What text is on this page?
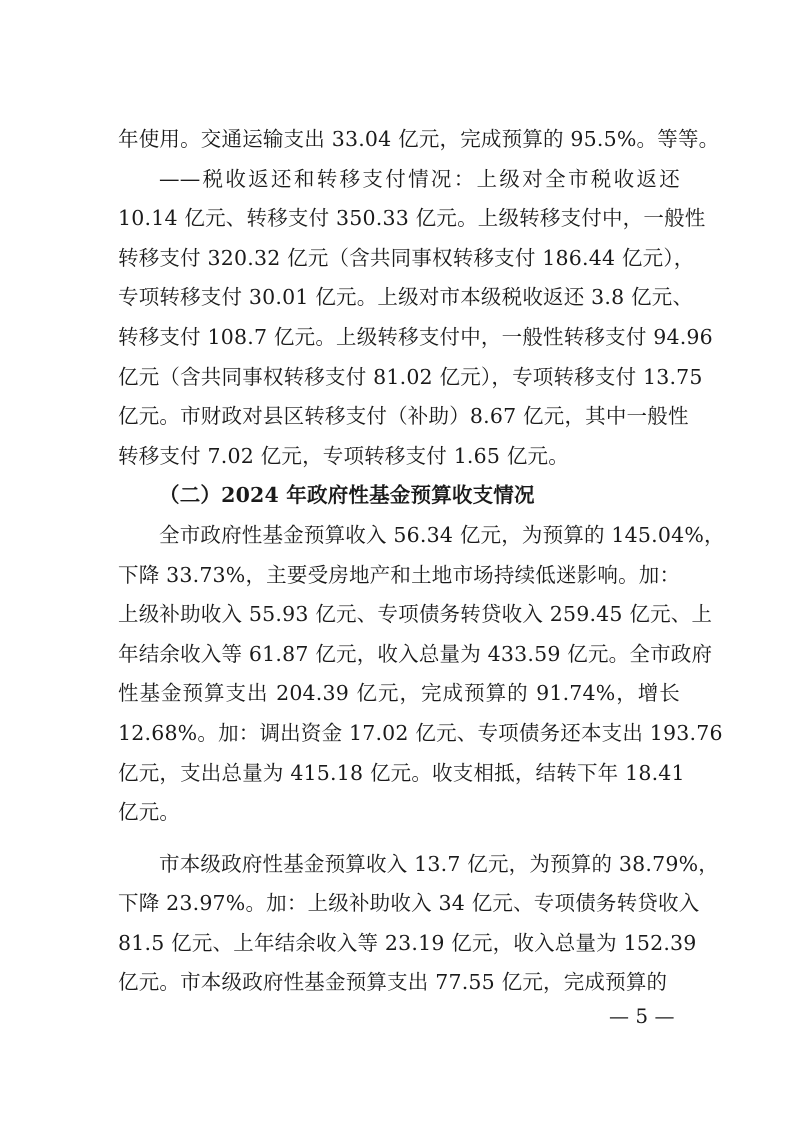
年使用。交通运输支出 33.04 亿元，完成预算的 95.5%。等等。
——税收返还和转移支付情况：上级对全市税收返还
10.14 亿元、转移支付 350.33 亿元。上级转移支付中，一般性
转移支付 320.32 亿元（含共同事权转移支付 186.44 亿元），
专项转移支付 30.01 亿元。上级对市本级税收返还 3.8 亿元、
转移支付 108.7 亿元。上级转移支付中，一般性转移支付 94.96
亿元（含共同事权转移支付 81.02 亿元），专项转移支付 13.75
亿元。市财政对县区转移支付（补助）8.67 亿元，其中一般性
转移支付 7.02 亿元，专项转移支付 1.65 亿元。
（二）2024 年政府性基金预算收支情况
全市政府性基金预算收入 56.34 亿元，为预算的 145.04%，
下降 33.73%，主要受房地产和土地市场持续低迷影响。加：
上级补助收入 55.93 亿元、专项债务转贷收入 259.45 亿元、上
年结余收入等 61.87 亿元，收入总量为 433.59 亿元。全市政府
性基金预算支出 204.39 亿元，完成预算的 91.74%，增长
12.68%。加：调出资金 17.02 亿元、专项债务还本支出 193.76
亿元，支出总量为 415.18 亿元。收支相抵，结转下年 18.41
亿元。
市本级政府性基金预算收入 13.7 亿元，为预算的 38.79%，
下降 23.97%。加：上级补助收入 34 亿元、专项债务转贷收入
81.5 亿元、上年结余收入等 23.19 亿元，收入总量为 152.39
亿元。市本级政府性基金预算支出 77.55 亿元，完成预算的
— 5 —
